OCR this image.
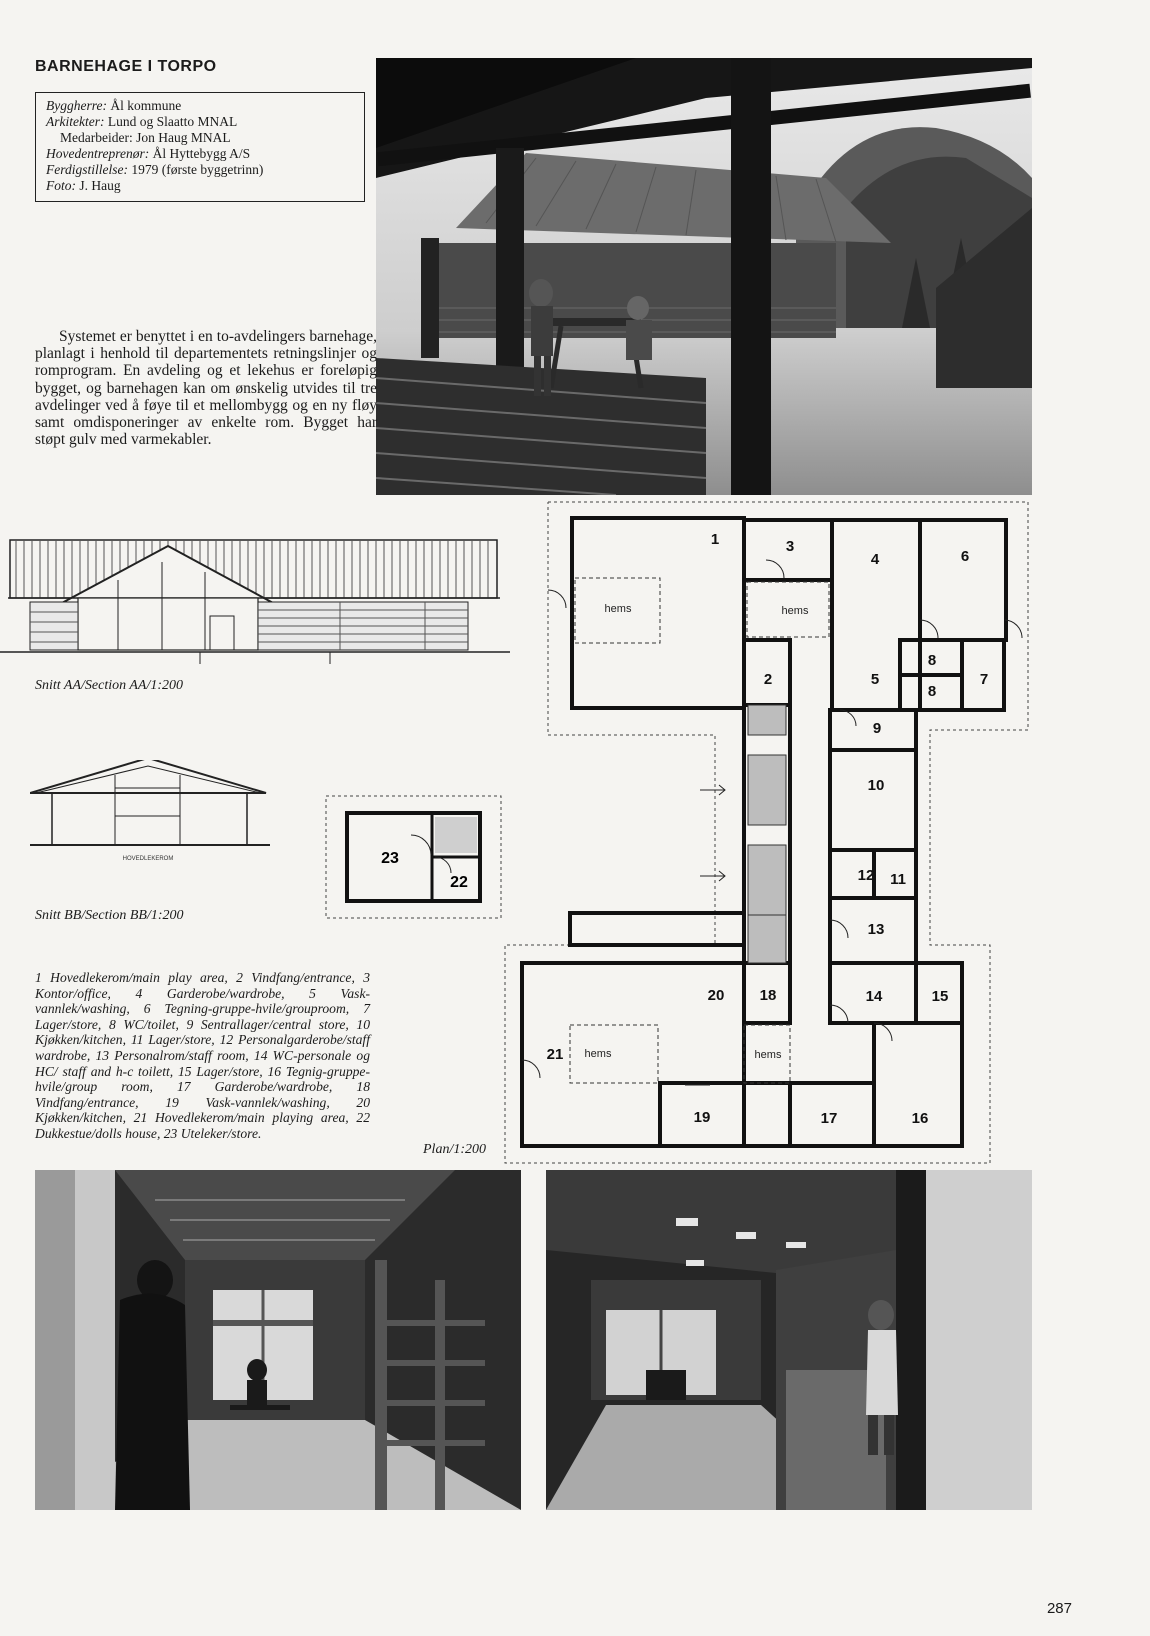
BARNEHAGE I TORPO
Byggherre: Ål kommune
Arkitekter: Lund og Slaatto MNAL
Medarbeider: Jon Haug MNAL
Hovedentreprenør: Ål Hyttebygg A/S
Ferdigstillelse: 1979 (første byggetrinn)
Foto: J. Haug
Systemet er benyttet i en to-avdelingers barnehage, planlagt i henhold til departementets retningslinjer og romprogram. En avdeling og et lekehus er foreløpig bygget, og barnehagen kan om ønskelig utvides til tre avdelinger ved å føye til et mellombygg og en ny fløy samt omdisponeringer av enkelte rom. Bygget har støpt gulv med varmekabler.
Snitt AA/Section AA/1:200
HOVEDLEKEROM
Snitt BB/Section BB/1:200
23
22
1 Hovedlekerom/main play area, 2 Vindfang/entrance, 3 Kontor/office, 4 Garderobe/wardrobe, 5 Vask-vannlek/washing, 6 Tegning-gruppe-hvile/grouproom, 7 Lager/store, 8 WC/toilet, 9 Sentrallager/central store, 10 Kjøkken/kitchen, 11 Lager/store, 12 Personalgarderobe/staff wardrobe, 13 Personalrom/staff room, 14 WC-personale og HC/ staff and h-c toilett, 15 Lager/store, 16 Tegnig-gruppe-hvile/group room, 17 Garderobe/wardrobe, 18 Vindfang/entrance, 19 Vask-vannlek/washing, 20 Kjøkken/kitchen, 21 Hovedlekerom/main playing area, 22 Dukkestue/dolls house, 23 Uteleker/store.
1	3
4	6
2	5
8
8
7
9
10
12 11
13
14	15
20 18
21
19	17	16
hems	hems
hems	hems
Plan/1:200
287
